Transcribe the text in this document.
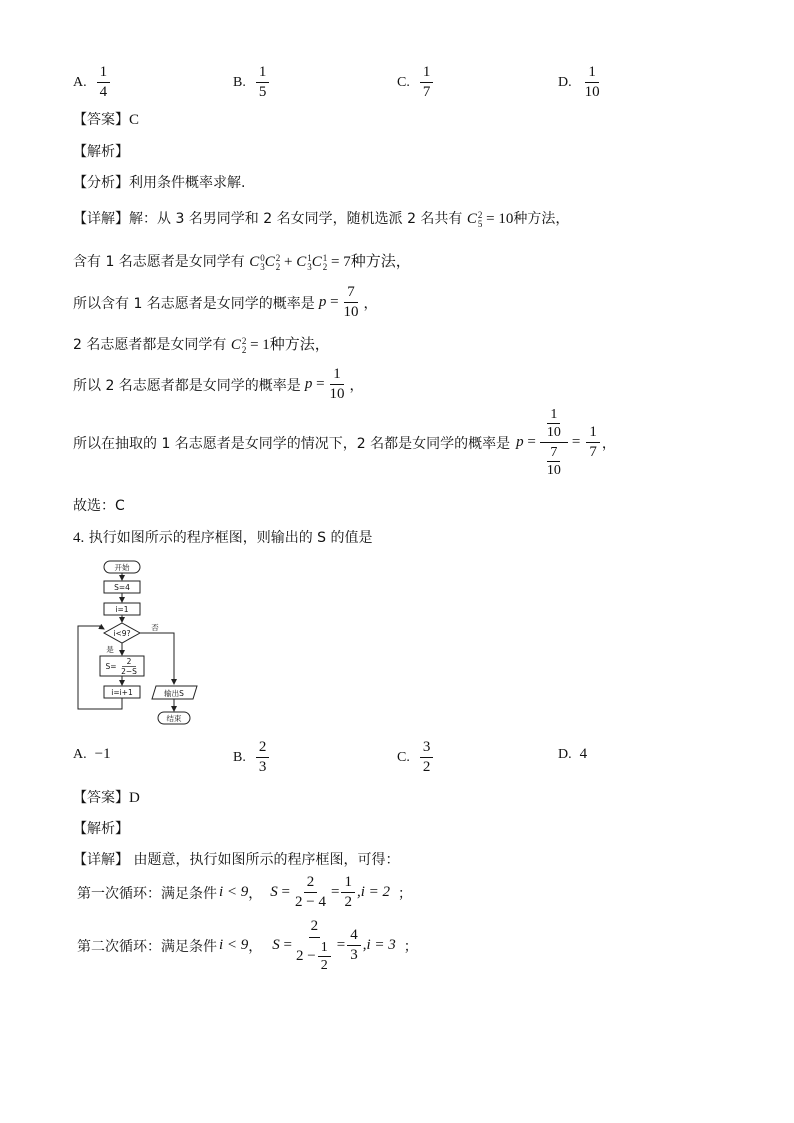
A. $\frac{1}{4}$	B. $\frac{1}{5}$	C. $\frac{1}{7}$	D. $\frac{1}{10}$
【答案】C
【解析】
【分析】利用条件概率求解.
【详解】解：从 3 名男同学和 2 名女同学，随机选派 2 名共有 C 2
5 = 10种方法，
含有 1 名志愿者是女同学有 C 0
3 C 2
2 + C 1
3 C 1
2 = 7种方法，
所以含有 1 名志愿者是女同学的概率是 $p = \frac{7}{10}$ ，
2 名志愿者都是女同学有 C 2
2 = 1种方法，
所以 2 名志愿者都是女同学的概率是 $p = \frac{1}{10}$ ，
所以在抽取的 1 名志愿者是女同学的情况下，2 名都是女同学的概率是 $p = \frac{\frac{1}{10}}{\frac{7}{10}} = \frac{1}{7}$ ，
故选：C
4. 执行如图所示的程序框图，则输出的 S 的值是
开始
S=4
i=1
i<9?
否
是
S=
2
2−S
i=i+1	输出S
结束
A. −1	B. $\frac{2}{3}$	C. $\frac{3}{2}$	D. 4
【答案】D
【解析】
【详解】 由题意，执行如图所示的程序框图，可得：
第一次循环：满足条件 i < 9 ， $S = \frac{2}{2 - 4} = \frac{1}{2}$ , i = 2 ；
第二次循环：满足条件 i < 9 ， $S = \frac{2}{2 - \frac{1}{2}} = \frac{4}{3}$ , i = 3 ；
